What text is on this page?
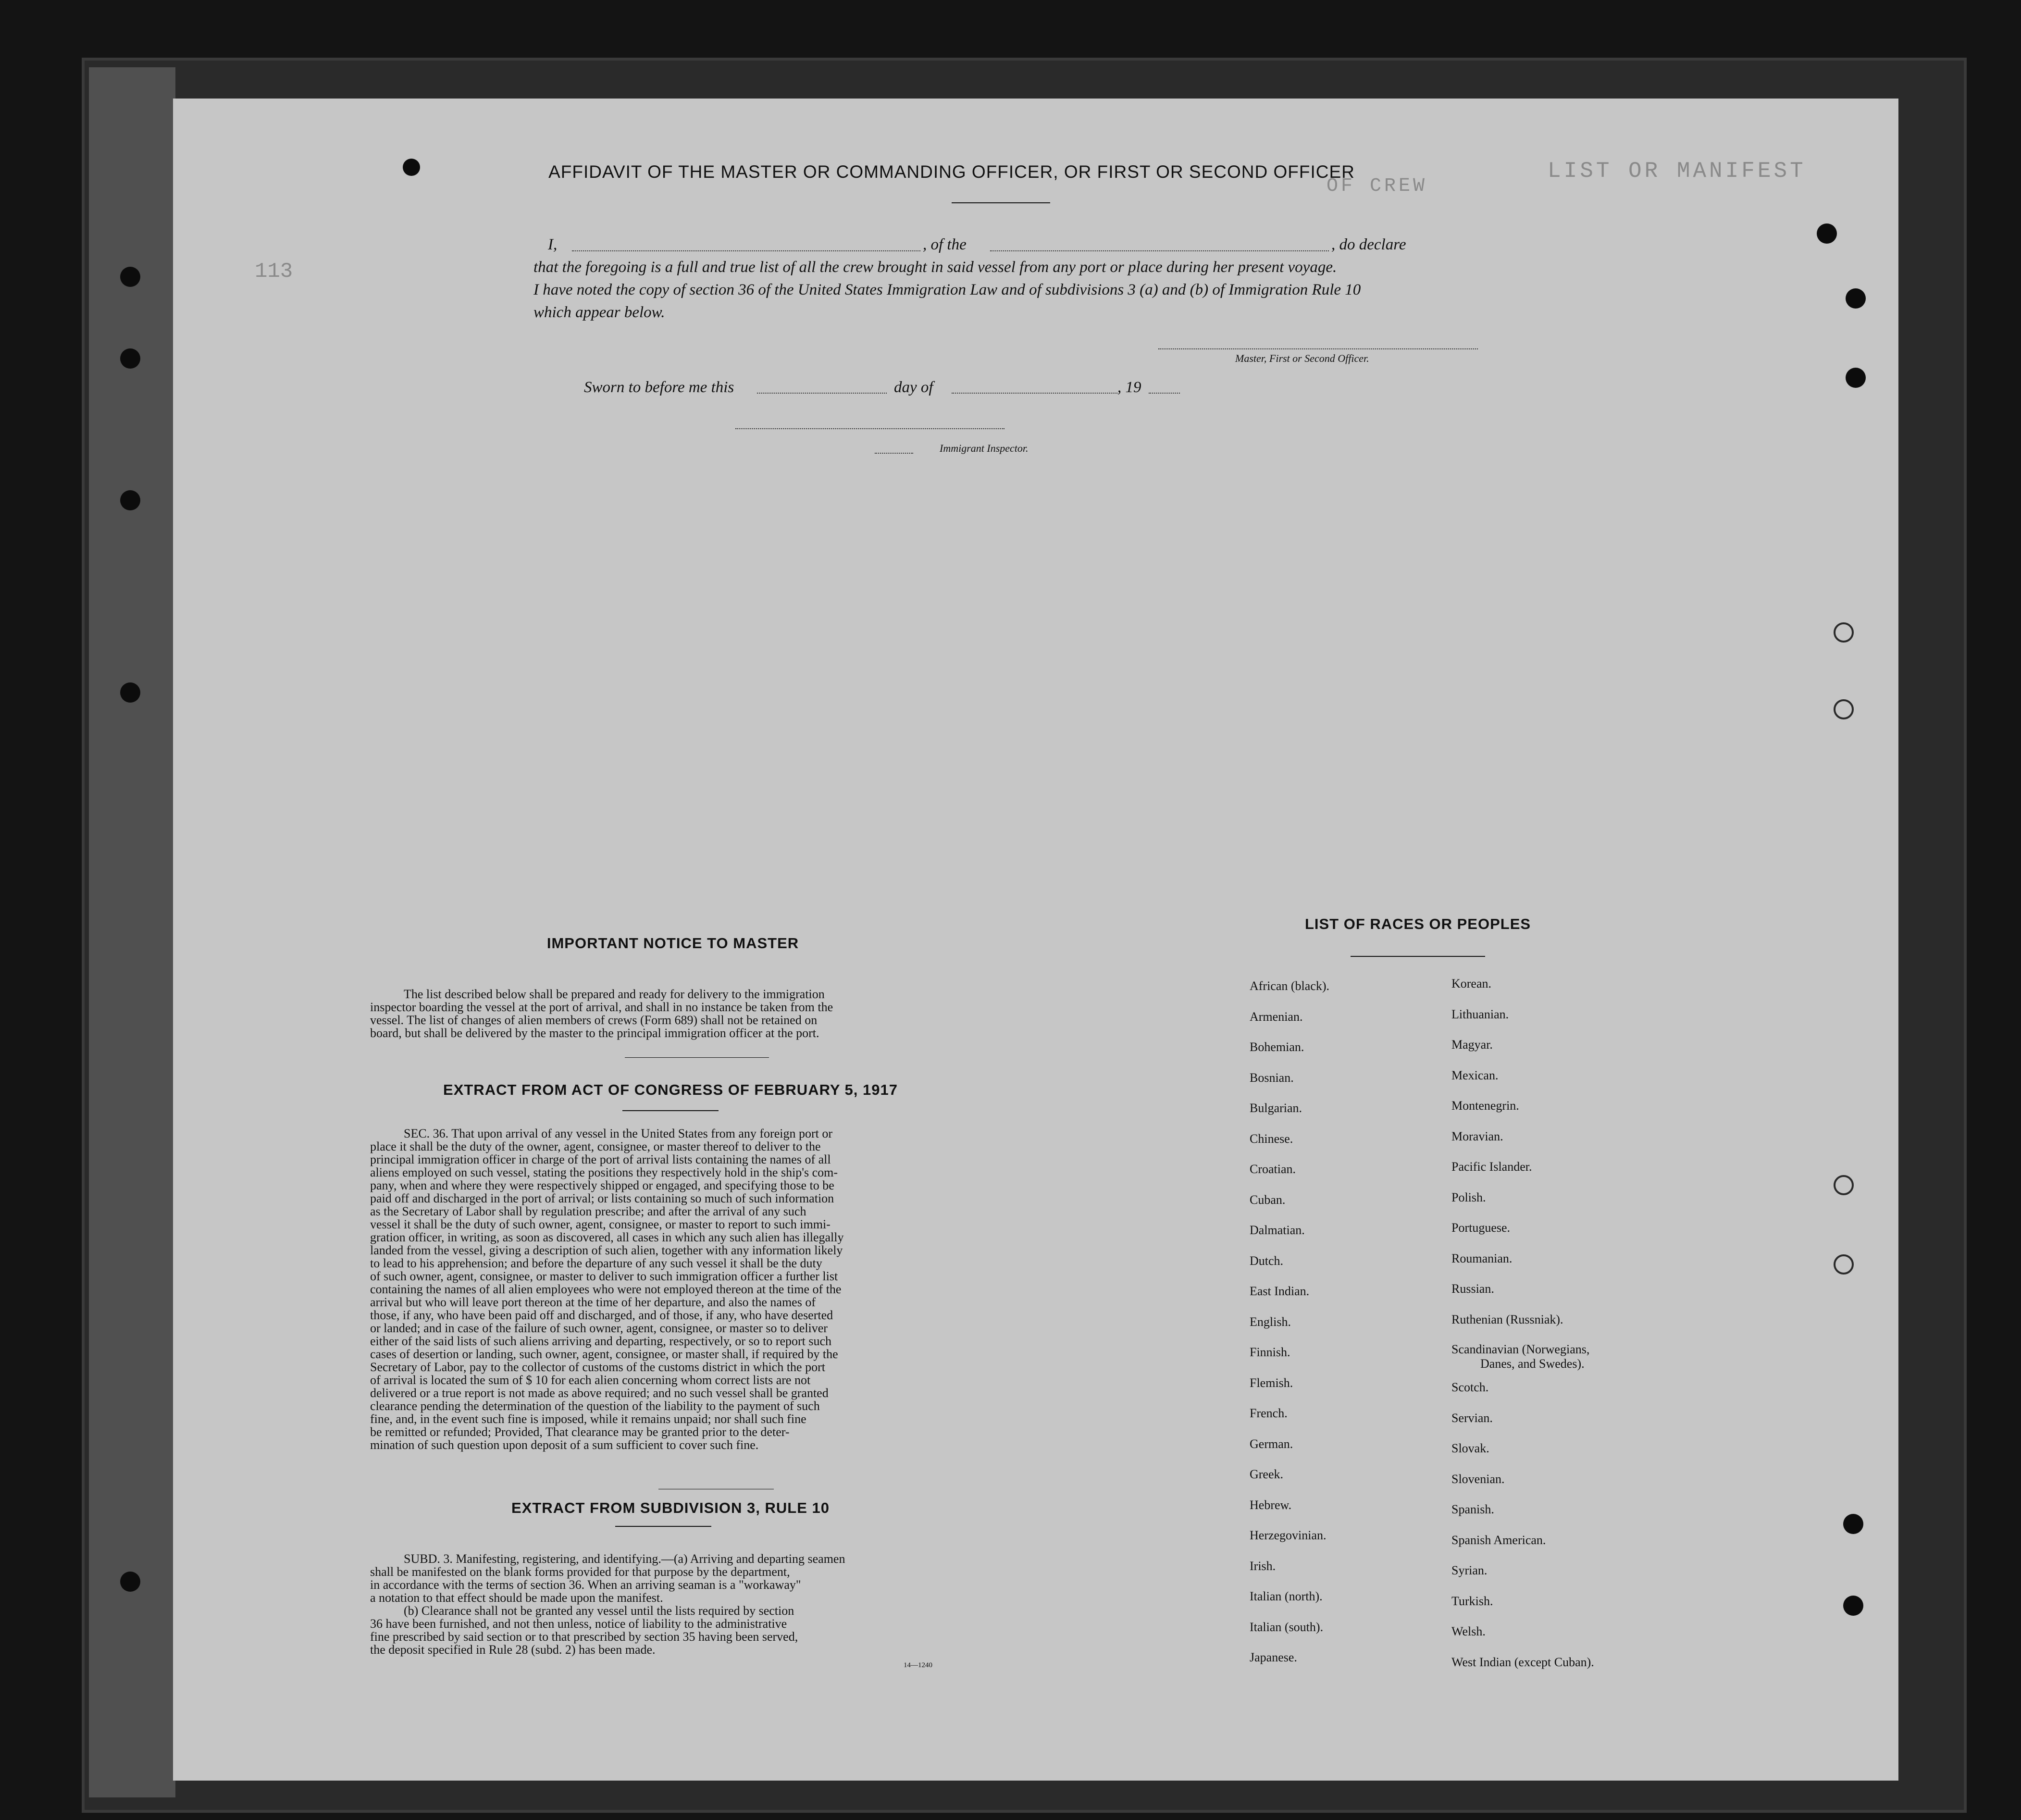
LIST OR MANIFEST
OF CREW
113
AFFIDAVIT OF THE MASTER OR COMMANDING OFFICER, OR FIRST OR SECOND OFFICER
I,	, of the	, do declare
that the foregoing is a full and true list of all the crew brought in said vessel from any port or place during her present voyage.
I have noted the copy of section 36 of the United States Immigration Law and of subdivisions 3 (a) and (b) of Immigration Rule 10
which appear below.
Master, First or Second Officer.
Sworn to before me this	day of	, 19
Immigrant Inspector.
IMPORTANT NOTICE TO MASTER
The list described below shall be prepared and ready for delivery to the immigration
inspector boarding the vessel at the port of arrival, and shall in no instance be taken from the
vessel. The list of changes of alien members of crews (Form 689) shall not be retained on
board, but shall be delivered by the master to the principal immigration officer at the port.
EXTRACT FROM ACT OF CONGRESS OF FEBRUARY 5, 1917
SEC. 36. That upon arrival of any vessel in the United States from any foreign port or
place it shall be the duty of the owner, agent, consignee, or master thereof to deliver to the
principal immigration officer in charge of the port of arrival lists containing the names of all
aliens employed on such vessel, stating the positions they respectively hold in the ship's com-
pany, when and where they were respectively shipped or engaged, and specifying those to be
paid off and discharged in the port of arrival; or lists containing so much of such information
as the Secretary of Labor shall by regulation prescribe; and after the arrival of any such
vessel it shall be the duty of such owner, agent, consignee, or master to report to such immi-
gration officer, in writing, as soon as discovered, all cases in which any such alien has illegally
landed from the vessel, giving a description of such alien, together with any information likely
to lead to his apprehension; and before the departure of any such vessel it shall be the duty
of such owner, agent, consignee, or master to deliver to such immigration officer a further list
containing the names of all alien employees who were not employed thereon at the time of the
arrival but who will leave port thereon at the time of her departure, and also the names of
those, if any, who have been paid off and discharged, and of those, if any, who have deserted
or landed; and in case of the failure of such owner, agent, consignee, or master so to deliver
either of the said lists of such aliens arriving and departing, respectively, or so to report such
cases of desertion or landing, such owner, agent, consignee, or master shall, if required by the
Secretary of Labor, pay to the collector of customs of the customs district in which the port
of arrival is located the sum of $ 10 for each alien concerning whom correct lists are not
delivered or a true report is not made as above required; and no such vessel shall be granted
clearance pending the determination of the question of the liability to the payment of such
fine, and, in the event such fine is imposed, while it remains unpaid; nor shall such fine
be remitted or refunded; Provided, That clearance may be granted prior to the deter-
mination of such question upon deposit of a sum sufficient to cover such fine.
EXTRACT FROM SUBDIVISION 3, RULE 10
SUBD. 3. Manifesting, registering, and identifying.—(a) Arriving and departing seamen
shall be manifested on the blank forms provided for that purpose by the department,
in accordance with the terms of section 36. When an arriving seaman is a "workaway"
a notation to that effect should be made upon the manifest.
(b) Clearance shall not be granted any vessel until the lists required by section
36 have been furnished, and not then unless, notice of liability to the administrative
fine prescribed by said section or to that prescribed by section 35 having been served,
the deposit specified in Rule 28 (subd. 2) has been made.
14—1240
LIST OF RACES OR PEOPLES
African (black).
Armenian.
Bohemian.
Bosnian.
Bulgarian.
Chinese.
Croatian.
Cuban.
Dalmatian.
Dutch.
East Indian.
English.
Finnish.
Flemish.
French.
German.
Greek.
Hebrew.
Herzegovinian.
Irish.
Italian (north).
Italian (south).
Japanese.
Korean.
Lithuanian.
Magyar.
Mexican.
Montenegrin.
Moravian.
Pacific Islander.
Polish.
Portuguese.
Roumanian.
Russian.
Ruthenian (Russniak).
Scandinavian (Norwegians,
Danes, and Swedes).
Scotch.
Servian.
Slovak.
Slovenian.
Spanish.
Spanish American.
Syrian.
Turkish.
Welsh.
West Indian (except Cuban).
